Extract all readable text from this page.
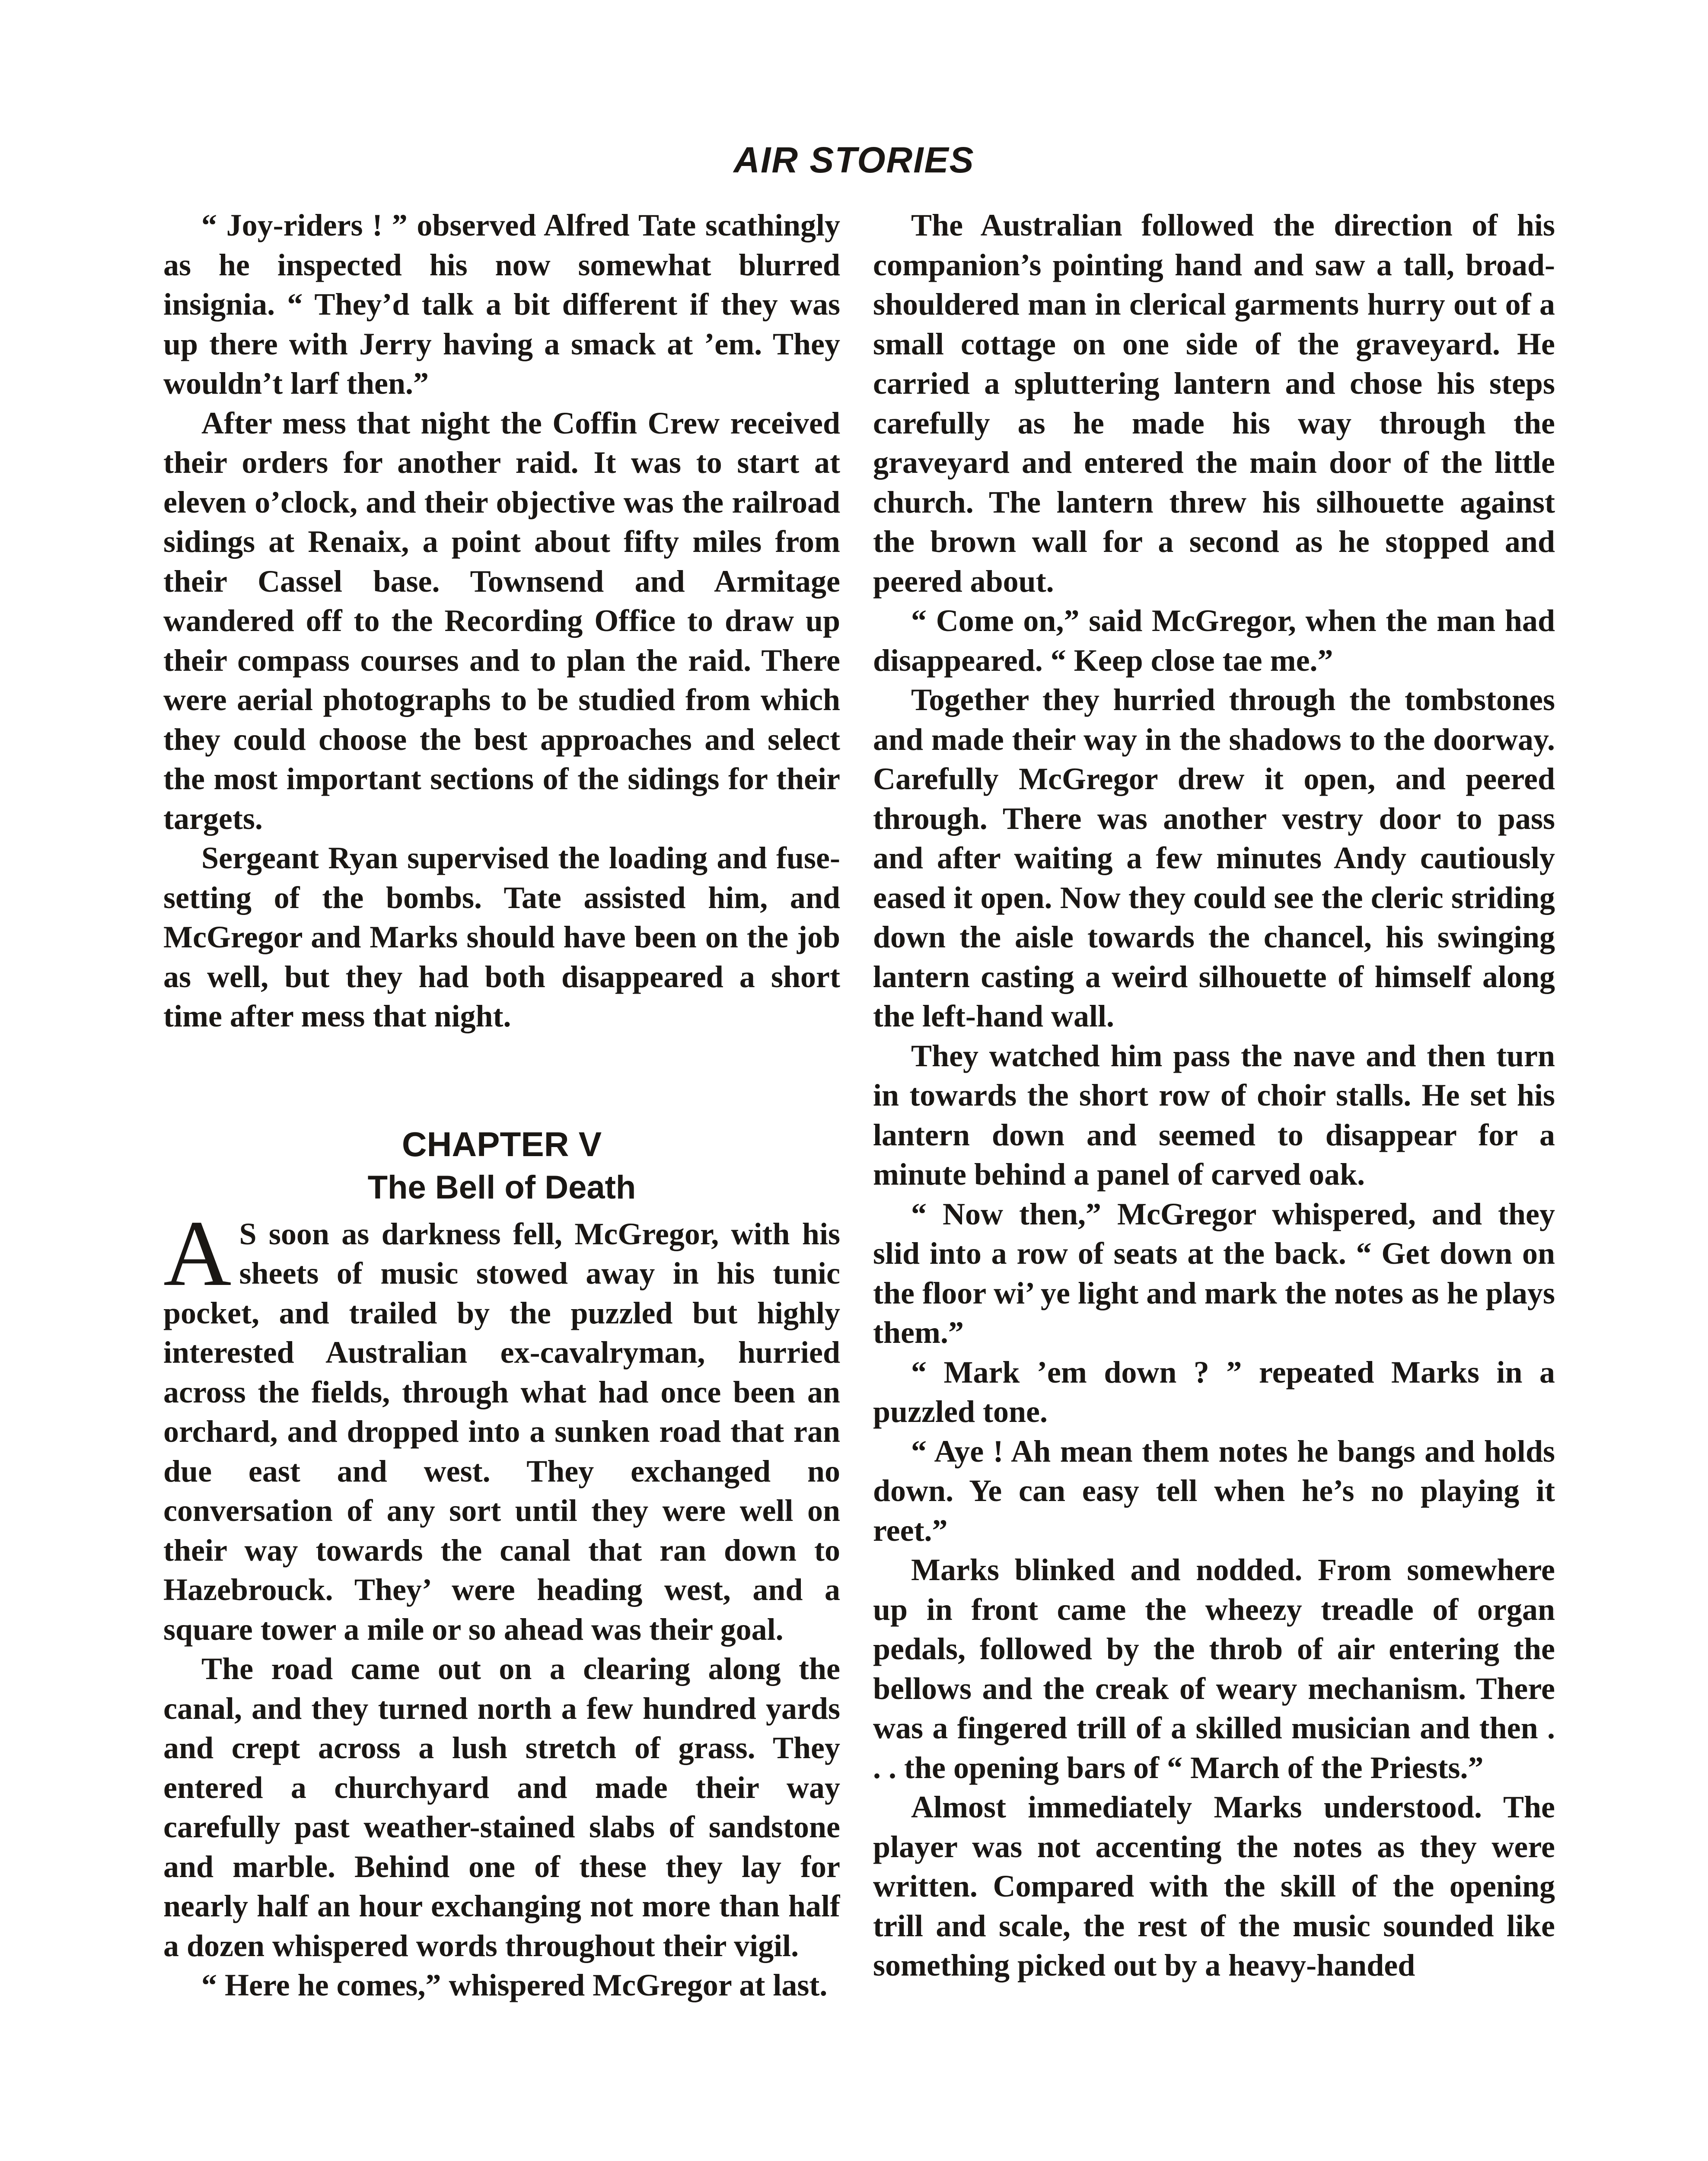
AIR STORIES

“ Joy-riders ! ” observed Alfred Tate scathingly as he inspected his now somewhat blurred insignia. “ They’d talk a bit different if they was up there with Jerry having a smack at ’em. They wouldn’t larf then.”

After mess that night the Coffin Crew received their orders for another raid. It was to start at eleven o’clock, and their objective was the railroad sidings at Renaix, a point about fifty miles from their Cassel base. Townsend and Armitage wandered off to the Recording Office to draw up their compass courses and to plan the raid. There were aerial photographs to be studied from which they could choose the best approaches and select the most important sections of the sidings for their targets.

Sergeant Ryan supervised the loading and fuse-setting of the bombs. Tate assisted him, and McGregor and Marks should have been on the job as well, but they had both disappeared a short time after mess that night.

CHAPTER V
The Bell of Death

A S soon as darkness fell, McGregor, with his sheets of music stowed away in his tunic pocket, and trailed by the puzzled but highly interested Australian ex-cavalryman, hurried across the fields, through what had once been an orchard, and dropped into a sunken road that ran due east and west. They exchanged no conversation of any sort until they were well on their way towards the canal that ran down to Hazebrouck. They’ were heading west, and a square tower a mile or so ahead was their goal.

The road came out on a clearing along the canal, and they turned north a few hundred yards and crept across a lush stretch of grass. They entered a churchyard and made their way carefully past weather-stained slabs of sandstone and marble. Behind one of these they lay for nearly half an hour exchanging not more than half a dozen whispered words throughout their vigil.

“ Here he comes,” whispered McGregor at last.

The Australian followed the direction of his companion’s pointing hand and saw a tall, broad-shouldered man in clerical garments hurry out of a small cottage on one side of the graveyard. He carried a spluttering lantern and chose his steps carefully as he made his way through the graveyard and entered the main door of the little church. The lantern threw his silhouette against the brown wall for a second as he stopped and peered about.

“ Come on,” said McGregor, when the man had disappeared. “ Keep close tae me.”

Together they hurried through the tombstones and made their way in the shadows to the doorway. Carefully McGregor drew it open, and peered through. There was another vestry door to pass and after waiting a few minutes Andy cautiously eased it open. Now they could see the cleric striding down the aisle towards the chancel, his swinging lantern casting a weird silhouette of himself along the left-hand wall.

They watched him pass the nave and then turn in towards the short row of choir stalls. He set his lantern down and seemed to disappear for a minute behind a panel of carved oak.

“ Now then,” McGregor whispered, and they slid into a row of seats at the back. “ Get down on the floor wi’ ye light and mark the notes as he plays them.”

“ Mark ’em down ? ” repeated Marks in a puzzled tone.

“ Aye ! Ah mean them notes he bangs and holds down. Ye can easy tell when he’s no playing it reet.”

Marks blinked and nodded. From somewhere up in front came the wheezy treadle of organ pedals, followed by the throb of air entering the bellows and the creak of weary mechanism. There was a fingered trill of a skilled musician and then . . . the opening bars of “ March of the Priests.”

Almost immediately Marks understood. The player was not accenting the notes as they were written. Compared with the skill of the opening trill and scale, the rest of the music sounded like something picked out by a heavy-handed
